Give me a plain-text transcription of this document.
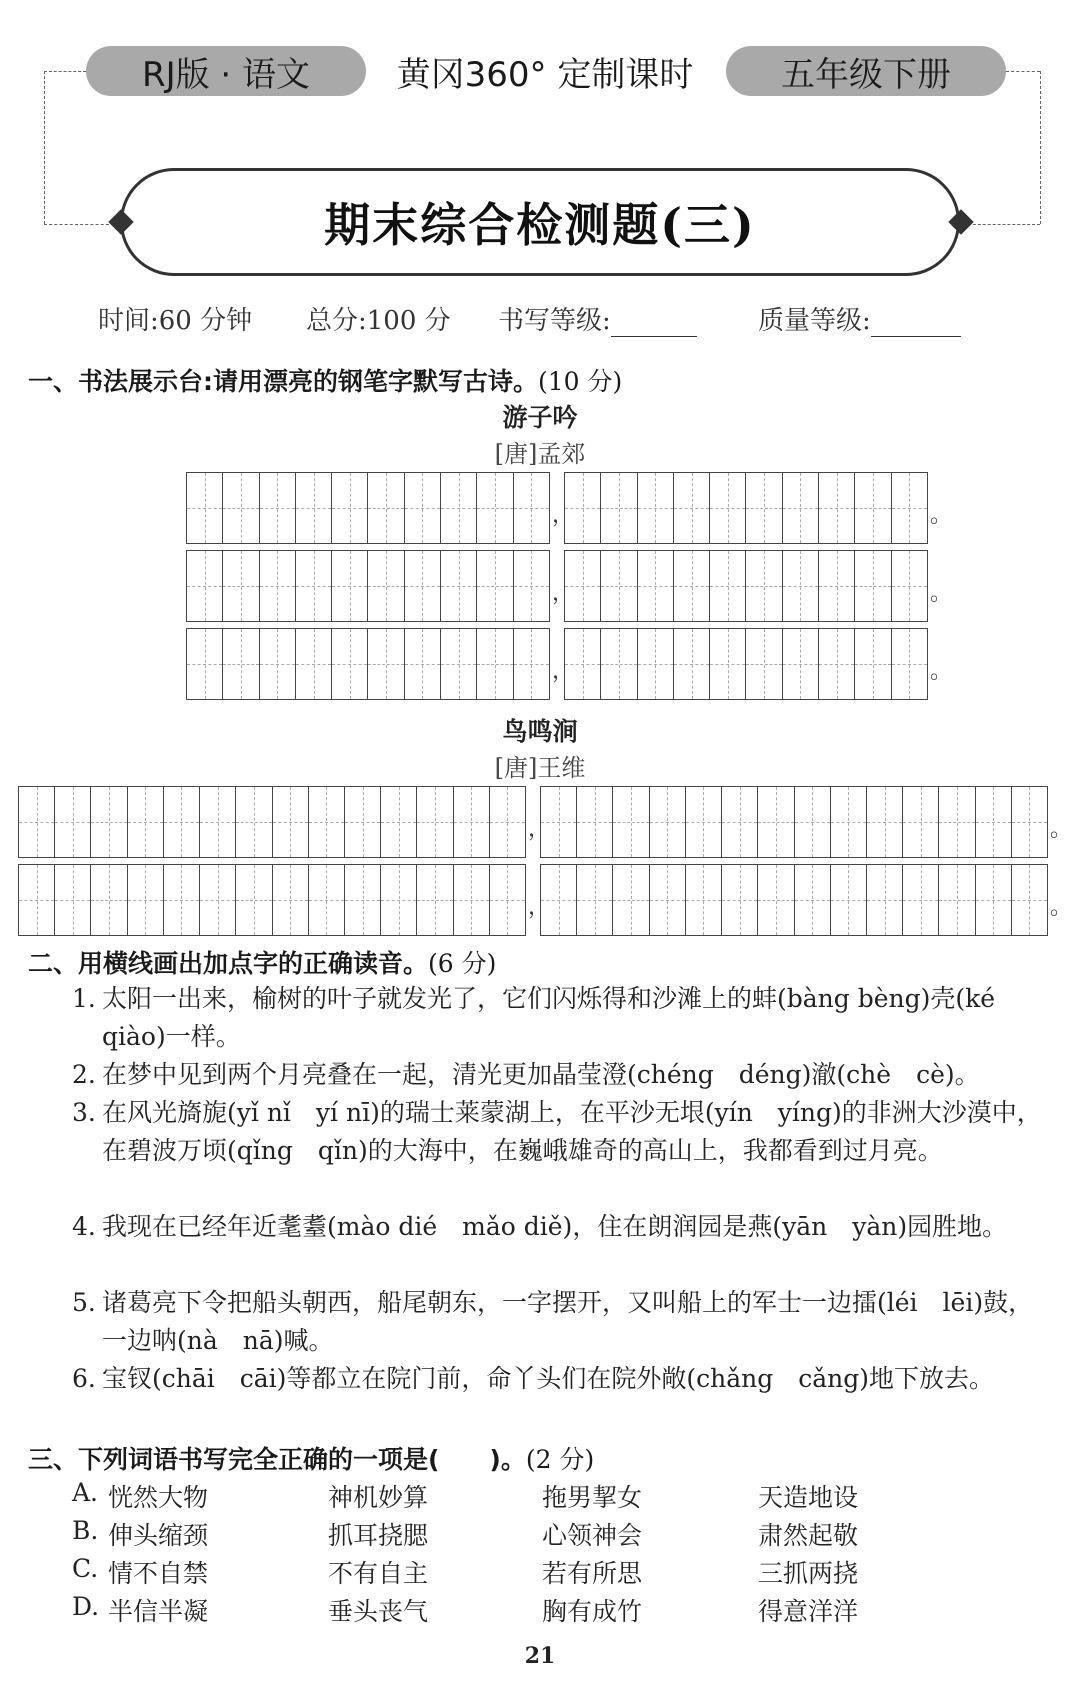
RJ版 · 语文	黄冈360° 定制课时	五年级下册
期末综合检测题(三)
时间:60 分钟 总分:100 分 书写等级:	质量等级:
一、书法展示台:请用漂亮的钢笔字默写古诗。(10 分)
游子吟
[唐]孟郊
，	。
，	。
，	。
鸟鸣涧
[唐]王维
，	。
，	。
二、用横线画出加点字的正确读音。(6 分)
1. 太阳一出来，榆树的叶子就发光了，它们闪烁得和沙滩上的蚌(bàng bèng)壳(ké　qiào)一样。
2. 在梦中见到两个月亮叠在一起，清光更加晶莹澄(chéng　déng)澈(chè　cè)。
3. 在风光旖旎(yǐ nǐ　yí nī)的瑞士莱蒙湖上，在平沙无垠(yín　yíng)的非洲大沙漠中，在碧波万顷(qǐng　qǐn)的大海中，在巍峨雄奇的高山上，我都看到过月亮。
4. 我现在已经年近耄耋(mào dié　mǎo diě)，住在朗润园是燕(yān　yàn)园胜地。
5. 诸葛亮下令把船头朝西，船尾朝东，一字摆开，又叫船上的军士一边擂(léi　lēi)鼓，一边呐(nà　nā)喊。
6. 宝钗(chāi　cāi)等都立在院门前，命丫头们在院外敞(chǎng　cǎng)地下放去。
三、下列词语书写完全正确的一项是(　　)。(2 分)
A. 恍然大物	神机妙算	拖男挈女	天造地设
B. 伸头缩颈	抓耳挠腮	心领神会	肃然起敬
C. 情不自禁	不有自主	若有所思	三抓两挠
D. 半信半凝	垂头丧气	胸有成竹	得意洋洋
21
